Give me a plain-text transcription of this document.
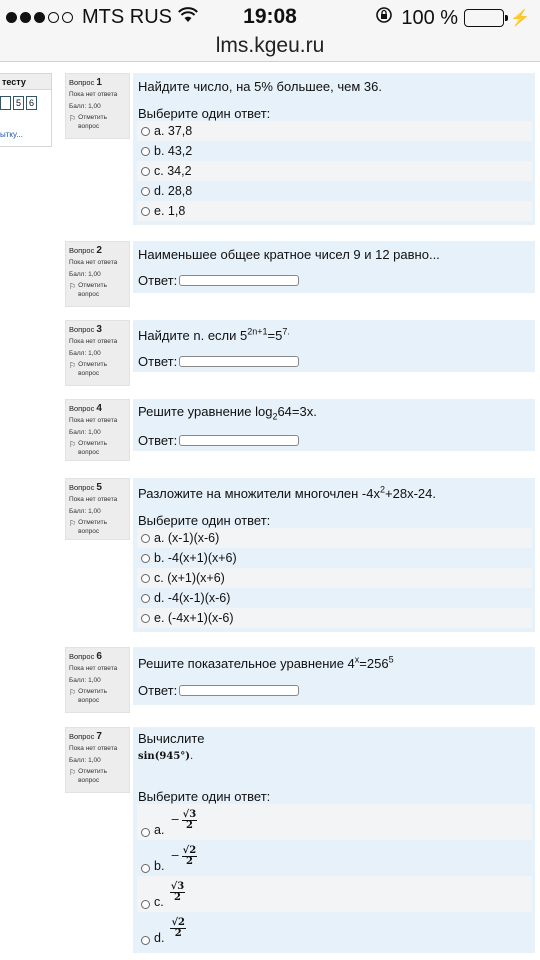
MTS RUS	19:08	100 %	⚡
lms.kgeu.ru
тесту
5 6
ытку...
Вопрос 1
Пока нет ответа
Балл: 1,00
⚐ Отметить
вопрос
Найдите число, на 5% большее, чем 36.
Выберите один ответ:
a. 37,8
b. 43,2
c. 34,2
d. 28,8
e. 1,8
Вопрос 2
Пока нет ответа
Балл: 1,00
⚐ Отметить
вопрос
Наименьшее общее кратное чисел 9 и 12 равно...
Ответ:
Вопрос 3
Пока нет ответа
Балл: 1,00
⚐ Отметить
вопрос
Найдите n. если $5^{2n+1}=5^{7.}$
Ответ:
Вопрос 4
Пока нет ответа
Балл: 1,00
⚐ Отметить
вопрос
Решите уравнение $\log_264=3x$.
Ответ:
Вопрос 5
Пока нет ответа
Балл: 1,00
⚐ Отметить
вопрос
Разложите на множители многочлен $-4x^2+28x-24$.
Выберите один ответ:
a. (x-1)(x-6)
b. -4(x+1)(x+6)
c. (x+1)(x+6)
d. -4(x-1)(x-6)
e. (-4x+1)(x-6)
Вопрос 6
Пока нет ответа
Балл: 1,00
⚐ Отметить
вопрос
Решите показательное уравнение $4^x=256^5$
Ответ:
Вопрос 7
Пока нет ответа
Балл: 1,00
⚐ Отметить
вопрос
Вычислите
sin(945°).
Выберите один ответ:
a.
− $\frac{√3}{2}$
b.
− $\frac{√2}{2}$
c. $\frac{√3}{2}$
d. $\frac{√2}{2}$
